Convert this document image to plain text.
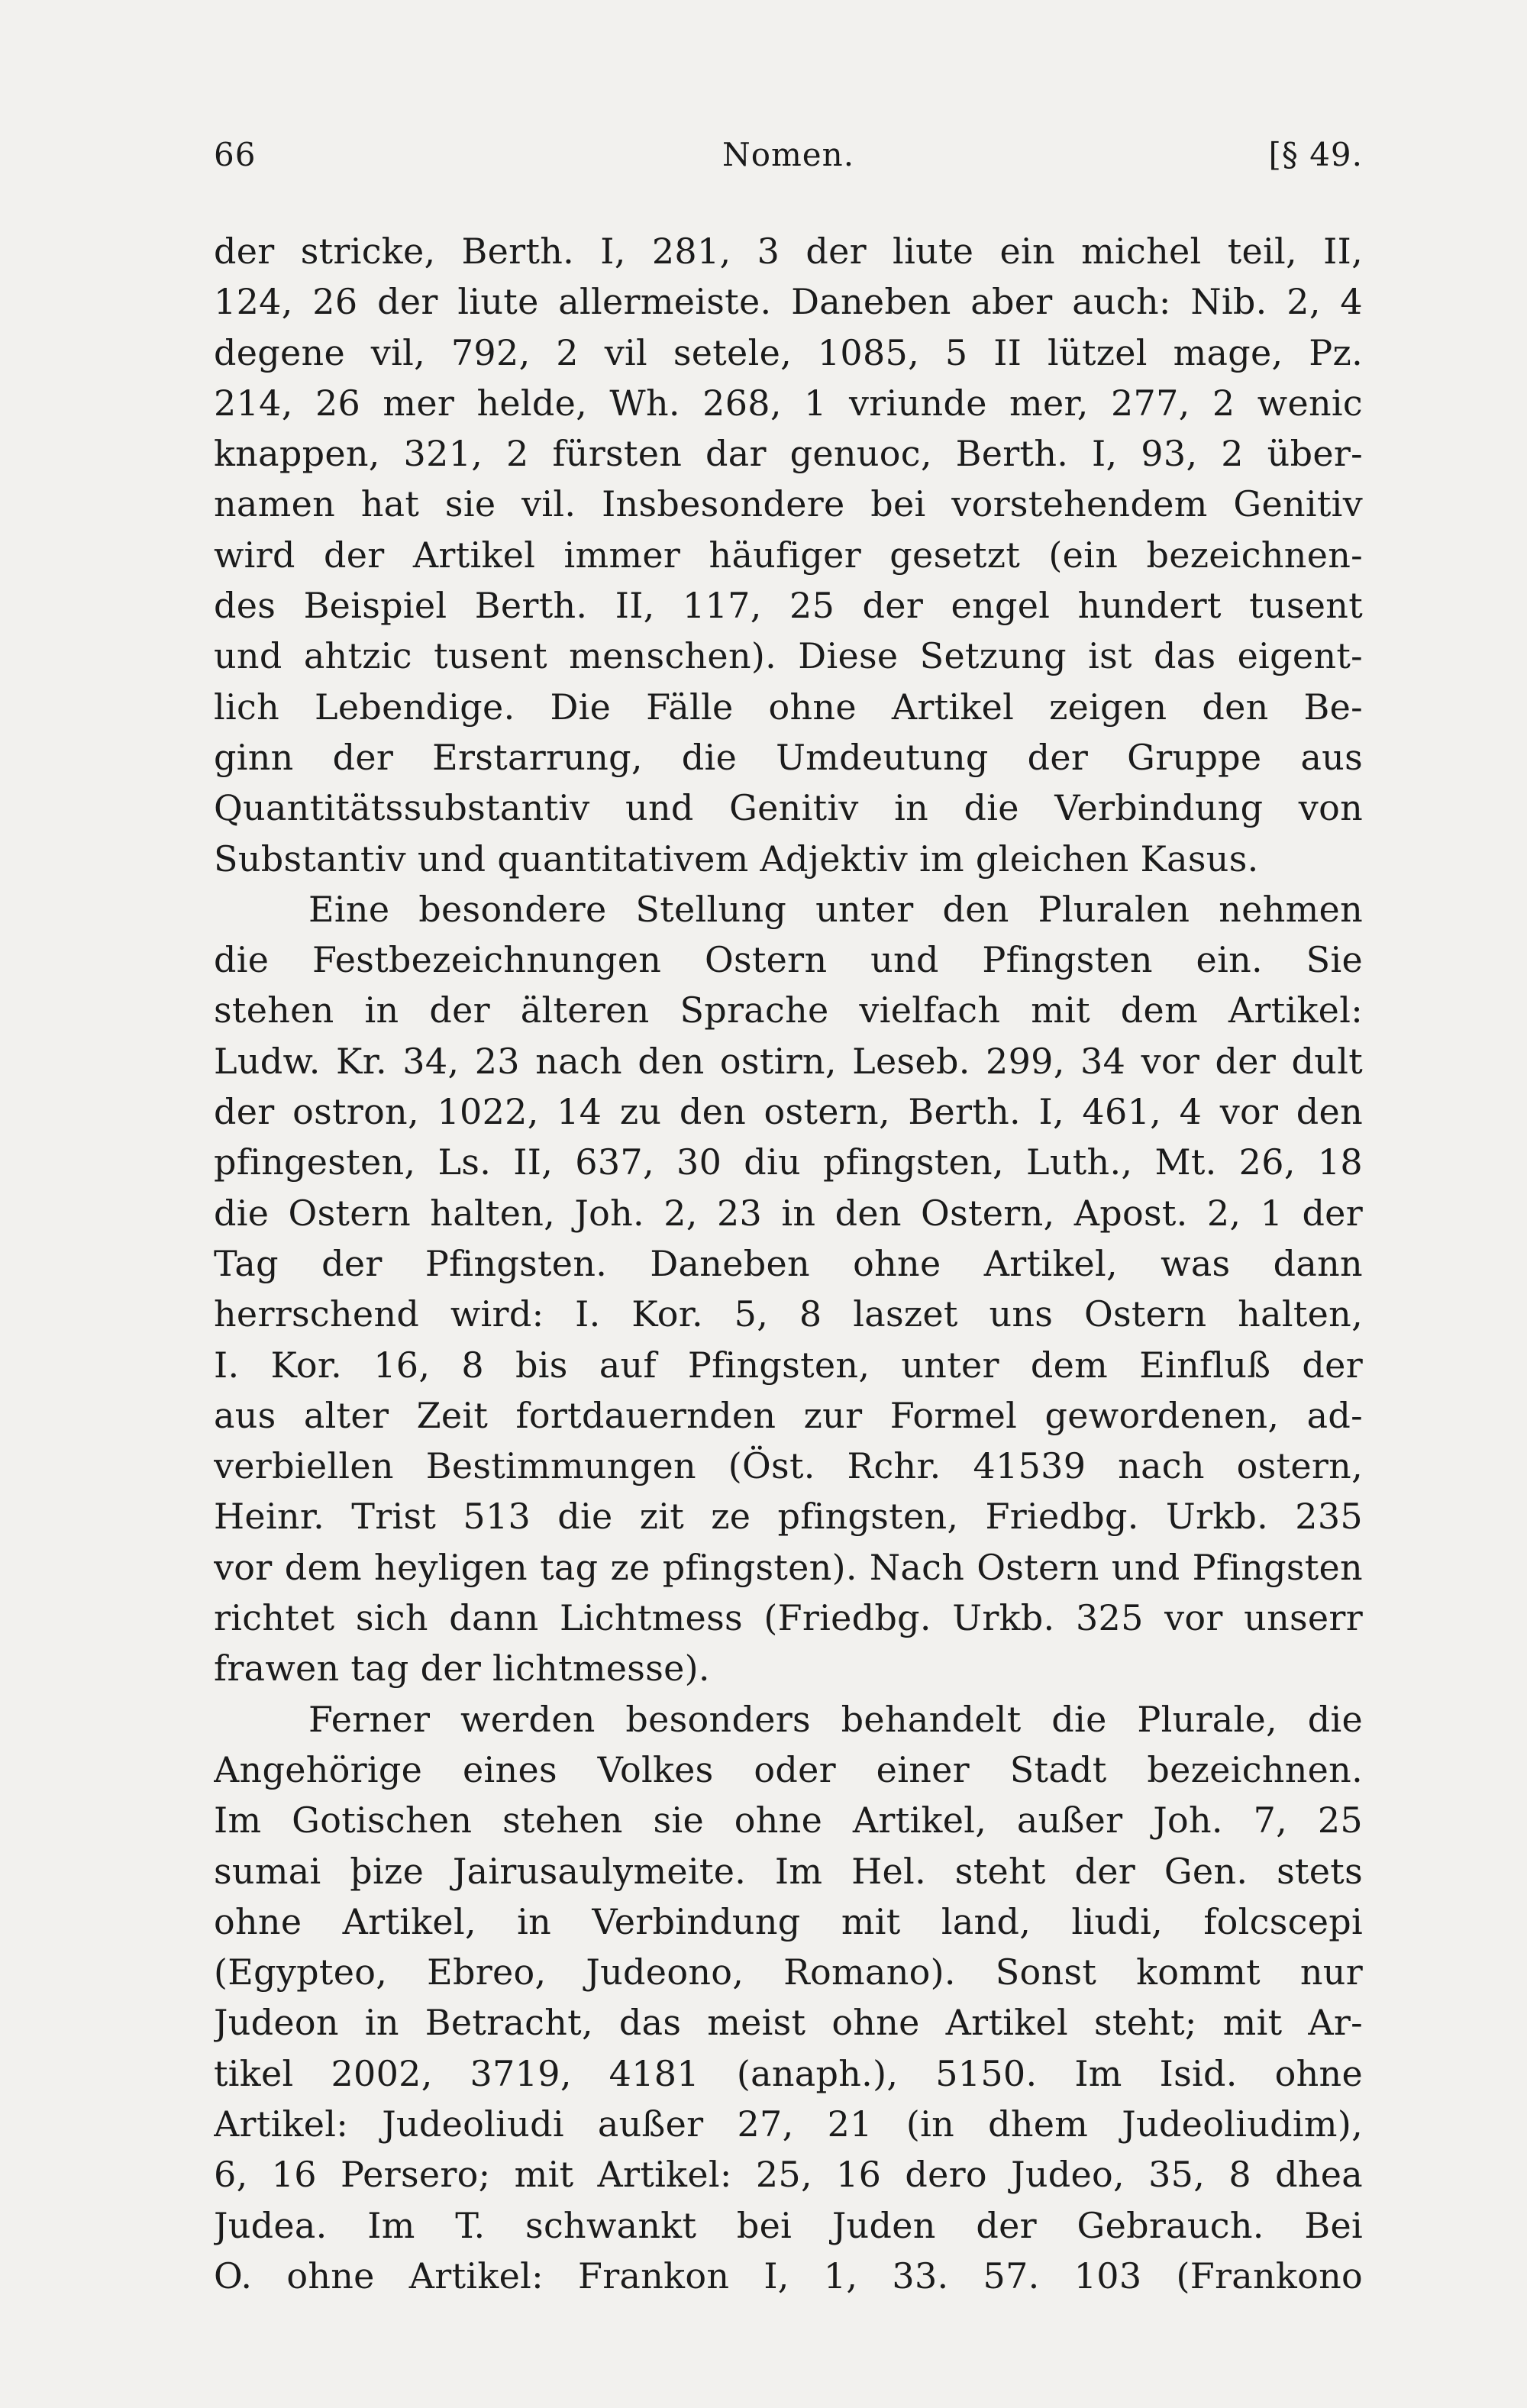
66	Nomen.	[§ 49.
der stricke, Berth. I, 281, 3 der liute ein michel teil, II,
124, 26 der liute allermeiste. Daneben aber auch: Nib. 2, 4
degene vil, 792, 2 vil setele, 1085, 5 II lützel mage, Pz.
214, 26 mer helde, Wh. 268, 1 vriunde mer, 277, 2 wenic
knappen, 321, 2 fürsten dar genuoc, Berth. I, 93, 2 über-
namen hat sie vil. Insbesondere bei vorstehendem Genitiv
wird der Artikel immer häufiger gesetzt (ein bezeichnen-
des Beispiel Berth. II, 117, 25 der engel hundert tusent
und ahtzic tusent menschen). Diese Setzung ist das eigent-
lich Lebendige. Die Fälle ohne Artikel zeigen den Be-
ginn der Erstarrung, die Umdeutung der Gruppe aus
Quantitätssubstantiv und Genitiv in die Verbindung von
Substantiv und quantitativem Adjektiv im gleichen Kasus.
Eine besondere Stellung unter den Pluralen nehmen
die Festbezeichnungen Ostern und Pfingsten ein. Sie
stehen in der älteren Sprache vielfach mit dem Artikel:
Ludw. Kr. 34, 23 nach den ostirn, Leseb. 299, 34 vor der dult
der ostron, 1022, 14 zu den ostern, Berth. I, 461, 4 vor den
pfingesten, Ls. II, 637, 30 diu pfingsten, Luth., Mt. 26, 18
die Ostern halten, Joh. 2, 23 in den Ostern, Apost. 2, 1 der
Tag der Pfingsten. Daneben ohne Artikel, was dann
herrschend wird: I. Kor. 5, 8 laszet uns Ostern halten,
I. Kor. 16, 8 bis auf Pfingsten, unter dem Einfluß der
aus alter Zeit fortdauernden zur Formel gewordenen, ad-
verbiellen Bestimmungen (Öst. Rchr. 41539 nach ostern,
Heinr. Trist 513 die zit ze pfingsten, Friedbg. Urkb. 235
vor dem heyligen tag ze pfingsten). Nach Ostern und Pfingsten
richtet sich dann Lichtmess (Friedbg. Urkb. 325 vor unserr
frawen tag der lichtmesse).
Ferner werden besonders behandelt die Plurale, die
Angehörige eines Volkes oder einer Stadt bezeichnen.
Im Gotischen stehen sie ohne Artikel, außer Joh. 7, 25
sumai þize Jairusaulymeite. Im Hel. steht der Gen. stets
ohne Artikel, in Verbindung mit land, liudi, folcscepi
(Egypteo, Ebreo, Judeono, Romano). Sonst kommt nur
Judeon in Betracht, das meist ohne Artikel steht; mit Ar-
tikel 2002, 3719, 4181 (anaph.), 5150. Im Isid. ohne
Artikel: Judeoliudi außer 27, 21 (in dhem Judeoliudim),
6, 16 Persero; mit Artikel: 25, 16 dero Judeo, 35, 8 dhea
Judea. Im T. schwankt bei Juden der Gebrauch. Bei
O. ohne Artikel: Frankon I, 1, 33. 57. 103 (Frankono
